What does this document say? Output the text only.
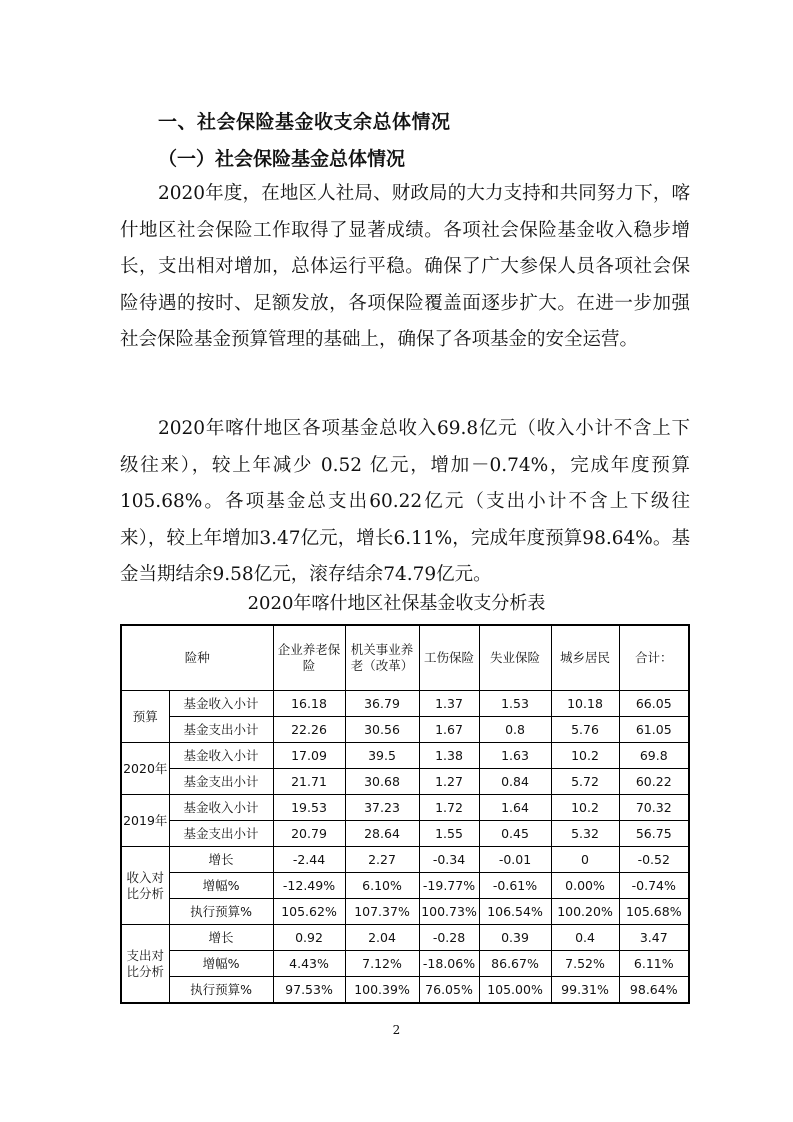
一、社会保险基金收支余总体情况
（一）社会保险基金总体情况

2020年度，在地区人社局、财政局的大力支持和共同努力下，喀什地区社会保险工作取得了显著成绩。各项社会保险基金收入稳步增长，支出相对增加，总体运行平稳。确保了广大参保人员各项社会保险待遇的按时、足额发放，各项保险覆盖面逐步扩大。在进一步加强社会保险基金预算管理的基础上，确保了各项基金的安全运营。

2020年喀什地区各项基金总收入69.8亿元（收入小计不含上下级往来），较上年减少 0.52 亿元，增加－0.74%，完成年度预算105.68%。各项基金总支出60.22亿元（支出小计不含上下级往来），较上年增加3.47亿元，增长6.11%，完成年度预算98.64%。基金当期结余9.58亿元，滚存结余74.79亿元。

2020年喀什地区社保基金收支分析表
险种		企业养老保险	机关事业养老（改革）	工伤保险	失业保险	城乡居民	合计：
预算	基金收入小计	16.18	36.79	1.37	1.53	10.18	66.05
	基金支出小计	22.26	30.56	1.67	0.8	5.76	61.05
2020年	基金收入小计	17.09	39.5	1.38	1.63	10.2	69.8
	基金支出小计	21.71	30.68	1.27	0.84	5.72	60.22
2019年	基金收入小计	19.53	37.23	1.72	1.64	10.2	70.32
	基金支出小计	20.79	28.64	1.55	0.45	5.32	56.75
收入对比分析	增长	-2.44	2.27	-0.34	-0.01	0	-0.52
	增幅%	-12.49%	6.10%	-19.77%	-0.61%	0.00%	-0.74%
	执行预算%	105.62%	107.37%	100.73%	106.54%	100.20%	105.68%
支出对比分析	增长	0.92	2.04	-0.28	0.39	0.4	3.47
	增幅%	4.43%	7.12%	-18.06%	86.67%	7.52%	6.11%
	执行预算%	97.53%	100.39%	76.05%	105.00%	99.31%	98.64%
2
